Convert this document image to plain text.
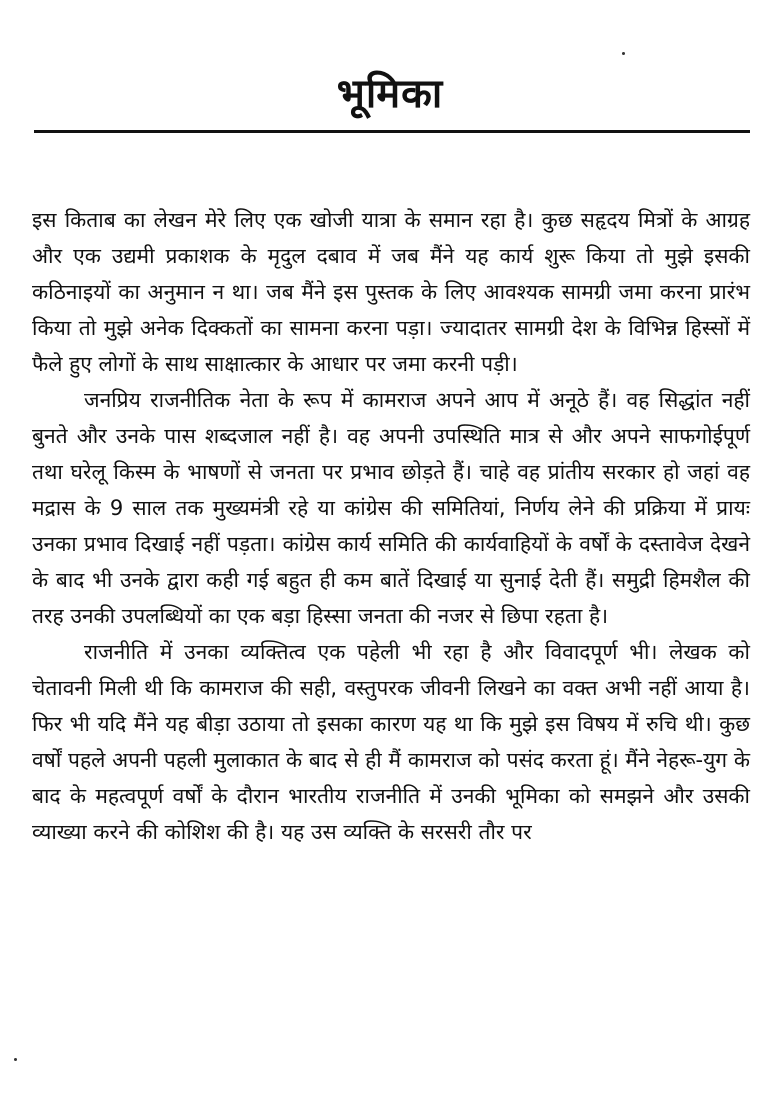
भूमिका

इस किताब का लेखन मेरे लिए एक खोजी यात्रा के समान रहा है। कुछ सहृदय मित्रों के आग्रह और एक उद्यमी प्रकाशक के मृदुल दबाव में जब मैंने यह कार्य शुरू किया तो मुझे इसकी कठिनाइयों का अनुमान न था। जब मैंने इस पुस्तक के लिए आवश्यक सामग्री जमा करना प्रारंभ किया तो मुझे अनेक दिक्कतों का सामना करना पड़ा। ज्यादातर सामग्री देश के विभिन्न हिस्सों में फैले हुए लोगों के साथ साक्षात्कार के आधार पर जमा करनी पड़ी।

जनप्रिय राजनीतिक नेता के रूप में कामराज अपने आप में अनूठे हैं। वह सिद्धांत नहीं बुनते और उनके पास शब्दजाल नहीं है। वह अपनी उपस्थिति मात्र से और अपने साफगोईपूर्ण तथा घरेलू किस्म के भाषणों से जनता पर प्रभाव छोड़ते हैं। चाहे वह प्रांतीय सरकार हो जहां वह मद्रास के 9 साल तक मुख्यमंत्री रहे या कांग्रेस की समितियां, निर्णय लेने की प्रक्रिया में प्रायः उनका प्रभाव दिखाई नहीं पड़ता। कांग्रेस कार्य समिति की कार्यवाहियों के वर्षों के दस्तावेज देखने के बाद भी उनके द्वारा कही गई बहुत ही कम बातें दिखाई या सुनाई देती हैं। समुद्री हिमशैल की तरह उनकी उपलब्धियों का एक बड़ा हिस्सा जनता की नजर से छिपा रहता है।

राजनीति में उनका व्यक्तित्व एक पहेली भी रहा है और विवादपूर्ण भी। लेखक को चेतावनी मिली थी कि कामराज की सही, वस्तुपरक जीवनी लिखने का वक्त अभी नहीं आया है। फिर भी यदि मैंने यह बीड़ा उठाया तो इसका कारण यह था कि मुझे इस विषय में रुचि थी। कुछ वर्षों पहले अपनी पहली मुलाकात के बाद से ही मैं कामराज को पसंद करता हूं। मैंने नेहरू-युग के बाद के महत्वपूर्ण वर्षों के दौरान भारतीय राजनीति में उनकी भूमिका को समझने और उसकी व्याख्या करने की कोशिश की है। यह उस व्यक्ति के सरसरी तौर पर
